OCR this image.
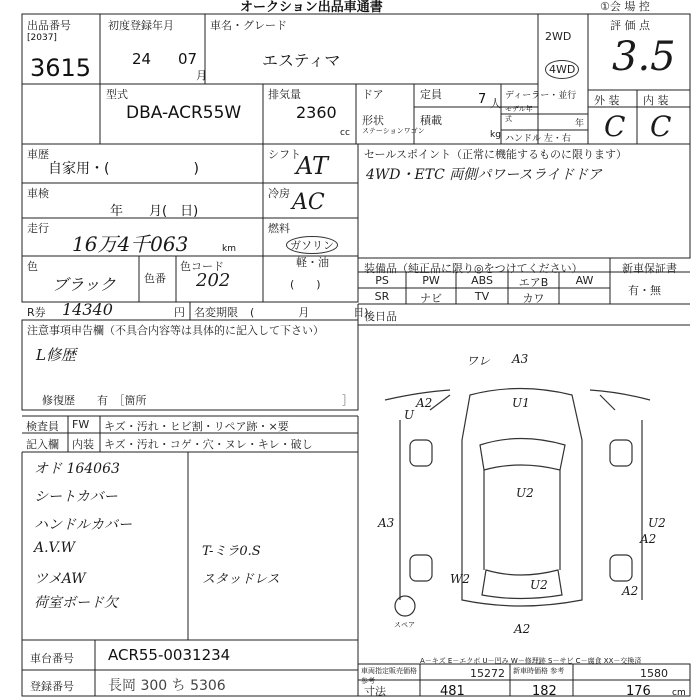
オークション出品車通書	①会 場 控
出品番号
[2037]
3615
初度登録年月
24 07
月
車名・グレード
エスティマ
2WD
4WD
評 価 点
3.5
型式
DBA-ACR55W
排気量
2360
cc
ドア
形状
ステーションワゴン
定員	7 人
積載
kg
ディーラー・並行
モデル年式	年
ハンドル 左・右
外 装 内 装
C C
車歴
自家用・(　　　　　　)
車検
年　　月(　日)
走行
16万4千063	km
色
ブラック	色番
色コード
202
シフト
AT
冷房 AC
燃料
ガソリン
軽・油
(　　)
R券 14340	円 名変期限 (　　　　月　　　　日)
注意事項申告欄（不具合内容等は具体的に記入して下さい）
L修歴
修復歴　　有　［箇所	］
セールスポイント（正常に機能するものに限ります）
4WD・ETC 両側パワースライドドア
装備品（純正品に限り◎をつけてください）	新車保証書
有・無
PS	PW	ABS	エアB	AW
SR	ナビ	TV	カワ
後日品
検査員
記入欄
FW
内装
キズ・汚れ・ヒビ割・リペア跡・×要
キズ・汚れ・コゲ・穴・ヌレ・キレ・破し
オド 164063
シートカバー
ハンドルカバー
A.V.W
ツメAW
荷室ボード欠
T-ミラ0.S
スタッドレス
ワレ A3
A2
U
U1
U2
A3	U2
A2
W2
A2
A2
U2
スペア
A－キズ E－エクボ U－凹み W－修理跡 S－サビ C－腐食 XX－交換済
車台番号 ACR55-0031234
登録番号 長岡 300 ち 5306
車両指定販売価格 参考
15272 新車時価格 参考	1580
寸法	481	182	176 cm
